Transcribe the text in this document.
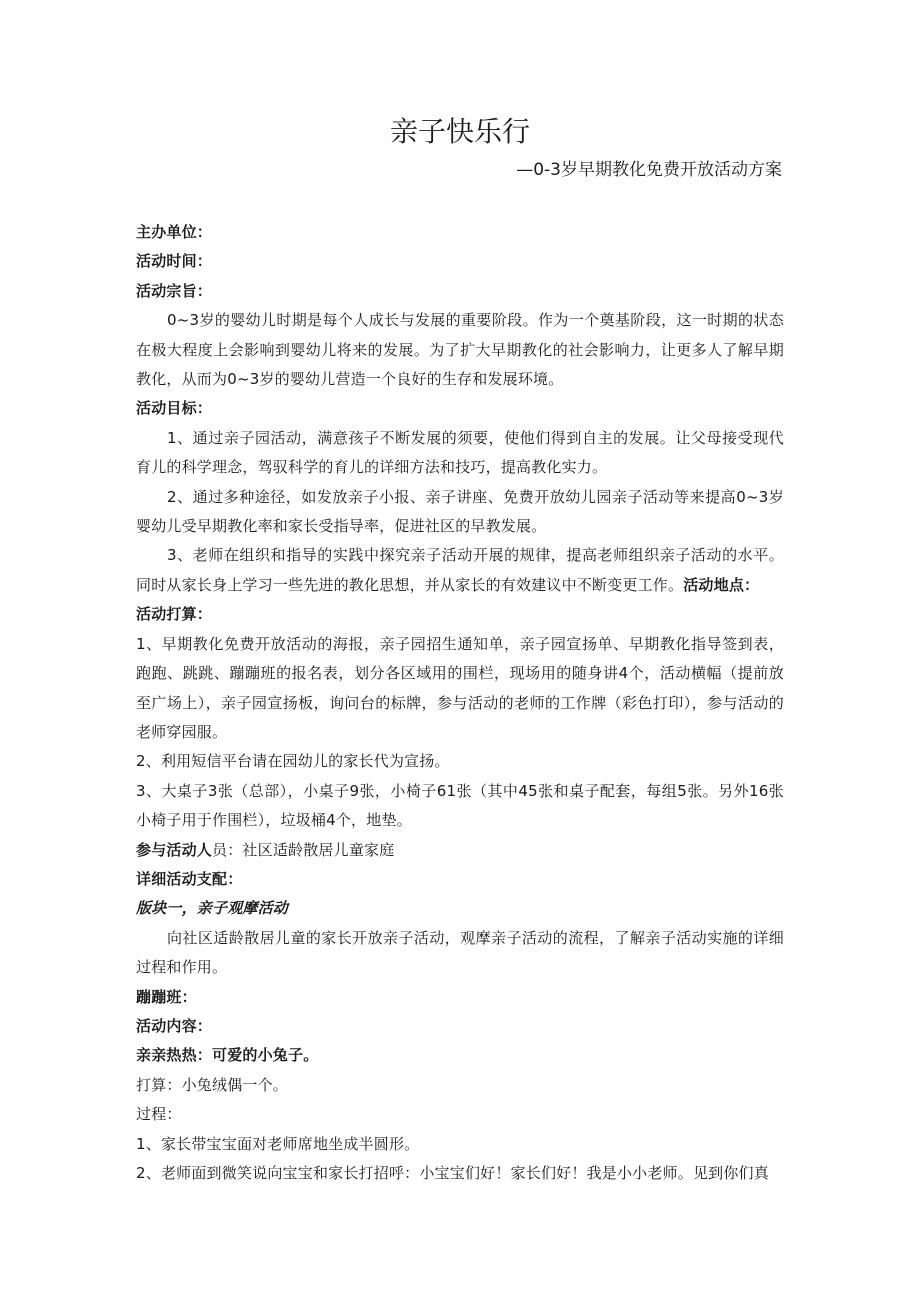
亲子快乐行

—0-3岁早期教化免费开放活动方案

主办单位：

活动时间：

活动宗旨：

0~3岁的婴幼儿时期是每个人成长与发展的重要阶段。作为一个奠基阶段，这一时期的状态在极大程度上会影响到婴幼儿将来的发展。为了扩大早期教化的社会影响力，让更多人了解早期教化，从而为0~3岁的婴幼儿营造一个良好的生存和发展环境。

活动目标：

1、通过亲子园活动，满意孩子不断发展的须要，使他们得到自主的发展。让父母接受现代育儿的科学理念，驾驭科学的育儿的详细方法和技巧，提高教化实力。

2、通过多种途径，如发放亲子小报、亲子讲座、免费开放幼儿园亲子活动等来提高0~3岁婴幼儿受早期教化率和家长受指导率，促进社区的早教发展。

3、老师在组织和指导的实践中探究亲子活动开展的规律，提高老师组织亲子活动的水平。同时从家长身上学习一些先进的教化思想，并从家长的有效建议中不断变更工作。活动地点：

活动打算：

1、早期教化免费开放活动的海报，亲子园招生通知单，亲子园宣扬单、早期教化指导签到表，跑跑、跳跳、蹦蹦班的报名表，划分各区域用的围栏，现场用的随身讲4个，活动横幅（提前放至广场上），亲子园宣扬板，询问台的标牌，参与活动的老师的工作牌（彩色打印），参与活动的老师穿园服。

2、利用短信平台请在园幼儿的家长代为宣扬。

3、大桌子3张（总部），小桌子9张，小椅子61张（其中45张和桌子配套，每组5张。另外16张小椅子用于作围栏），垃圾桶4个，地垫。

参与活动人员：社区适龄散居儿童家庭

详细活动支配：

版块一，亲子观摩活动

向社区适龄散居儿童的家长开放亲子活动，观摩亲子活动的流程，了解亲子活动实施的详细过程和作用。

蹦蹦班：

活动内容：

亲亲热热：可爱的小兔子。

打算：小兔绒偶一个。

过程：

1、家长带宝宝面对老师席地坐成半圆形。

2、老师面到微笑说向宝宝和家长打招呼：小宝宝们好！家长们好！我是小小老师。见到你们真
